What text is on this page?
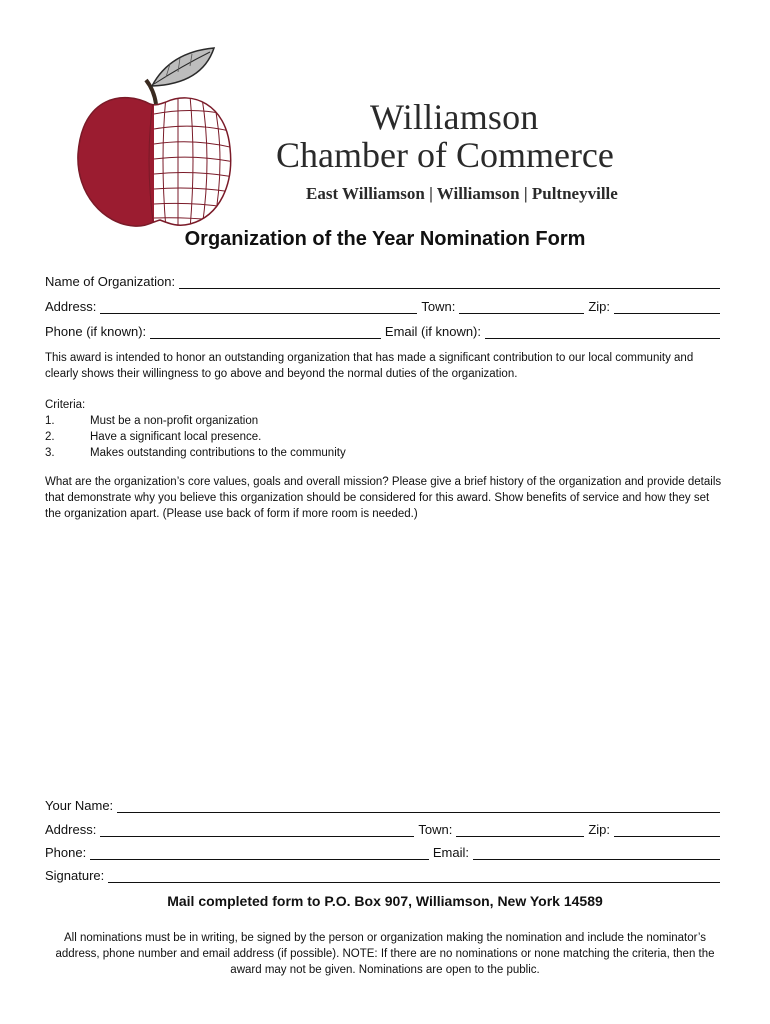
Williamson
Chamber of Commerce
East Williamson | Williamson | Pultneyville
Organization of the Year Nomination Form
Name of Organization:
Address:	Town:	Zip:
Phone (if known):	Email (if known):
This award is intended to honor an outstanding organization that has made a significant contribution to our local community and clearly shows their willingness to go above and beyond the normal duties of the organization.
Criteria:
1.	Must be a non-profit organization
2.	Have a significant local presence.
3.	Makes outstanding contributions to the community
What are the organization’s core values, goals and overall mission? Please give a brief history of the organization and provide details that demonstrate why you believe this organization should be considered for this award. Show benefits of service and how they set the organization apart. (Please use back of form if more room is needed.)
Your Name:
Address:	Town:	Zip:
Phone:	Email:
Signature:
Mail completed form to P.O. Box 907, Williamson, New York 14589
All nominations must be in writing, be signed by the person or organization making the nomination and include the nominator’s address, phone number and email address (if possible). NOTE: If there are no nominations or none matching the criteria, then the award may not be given. Nominations are open to the public.
